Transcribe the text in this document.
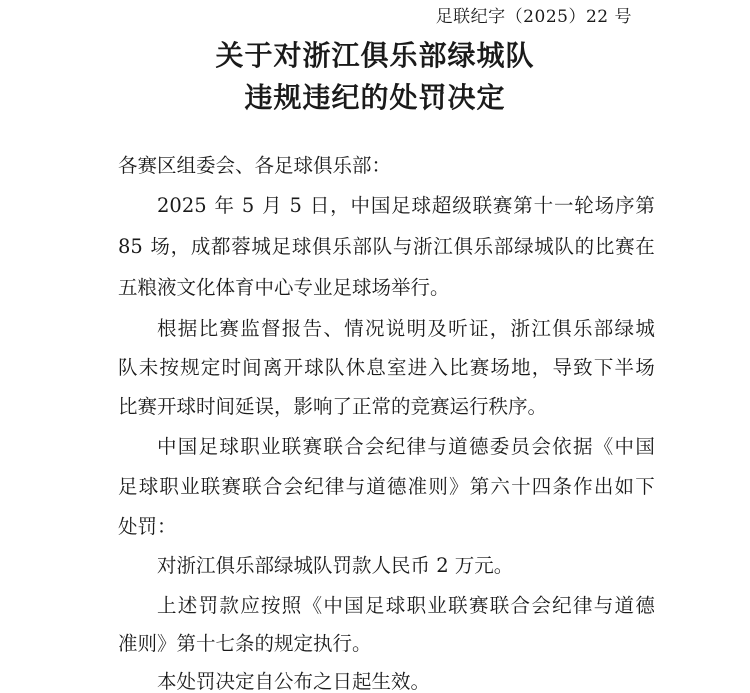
足联纪字（2025）22 号
关于对浙江俱乐部绿城队
违规违纪的处罚决定
各赛区组委会、各足球俱乐部：
2025
年
5
月
5
日 ， 中 国 足 球 超 级 联 赛 第 十 一 轮 场 序 第
85
场 ， 成 都 蓉 城 足 球 俱 乐 部 队 与 浙 江 俱 乐 部 绿 城 队 的 比 赛 在
五粮液文化体育中心专业足球场举行。
根 据 比 赛 监 督 报 告 、 情 况 说 明 及 听 证 ， 浙 江 俱 乐 部 绿 城
队 未 按 规 定 时 间 离 开 球 队 休 息 室 进 入 比 赛 场 地 ， 导 致 下 半 场
比赛开球时间延误，影响了正常的竞赛运行秩序。
中 国 足 球 职 业 联 赛 联 合 会 纪 律 与 道 德 委 员 会 依 据 《 中 国
足 球 职 业 联 赛 联 合 会 纪 律 与 道 德 准 则 》 第 六 十 四 条 作 出 如 下
处罚：
对浙江俱乐部绿城队罚款人民币 2 万元。
上 述 罚 款 应 按 照 《 中 国 足 球 职 业 联 赛 联 合 会 纪 律 与 道 德
准则》第十七条的规定执行。
本处罚决定自公布之日起生效。
